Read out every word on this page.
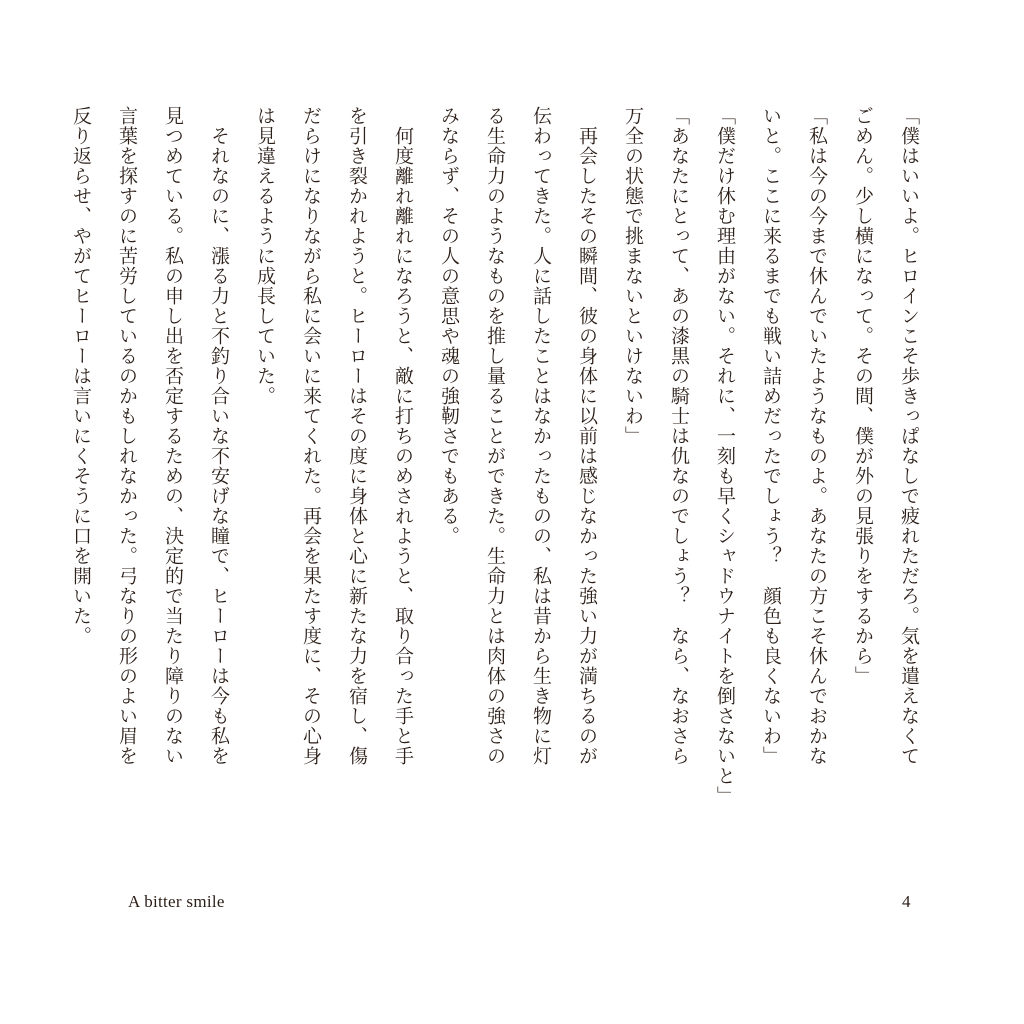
「僕はいいよ。ヒロインこそ歩きっぱなしで疲れただろ。気を遣えなくて

ごめん。少し横になって。その間、僕が外の見張りをするから」

「私は今の今まで休んでいたようなものよ。あなたの方こそ休んでおかな

いと。ここに来るまでも戦い詰めだったでしょう？　顔色も良くないわ」

「僕だけ休む理由がない。それに、一刻も早くシャドウナイトを倒さないと」

「あなたにとって、あの漆黒の騎士は仇なのでしょう？　なら、なおさら

万全の状態で挑まないといけないわ」

　再会したその瞬間、彼の身体に以前は感じなかった強い力が満ちるのが

伝わってきた。人に話したことはなかったものの、私は昔から生き物に灯

る生命力のようなものを推し量ることができた。生命力とは肉体の強さの

みならず、その人の意思や魂の強靭さでもある。

　何度離れ離れになろうと、敵に打ちのめされようと、取り合った手と手

を引き裂かれようと。ヒーローはその度に身体と心に新たな力を宿し、傷

だらけになりながら私に会いに来てくれた。再会を果たす度に、その心身

は見違えるように成長していた。

　それなのに、漲る力と不釣り合いな不安げな瞳で、ヒーローは今も私を

見つめている。私の申し出を否定するための、決定的で当たり障りのない

言葉を探すのに苦労しているのかもしれなかった。弓なりの形のよい眉を

反り返らせ、やがてヒーローは言いにくそうに口を開いた。

A bitter smile	4
